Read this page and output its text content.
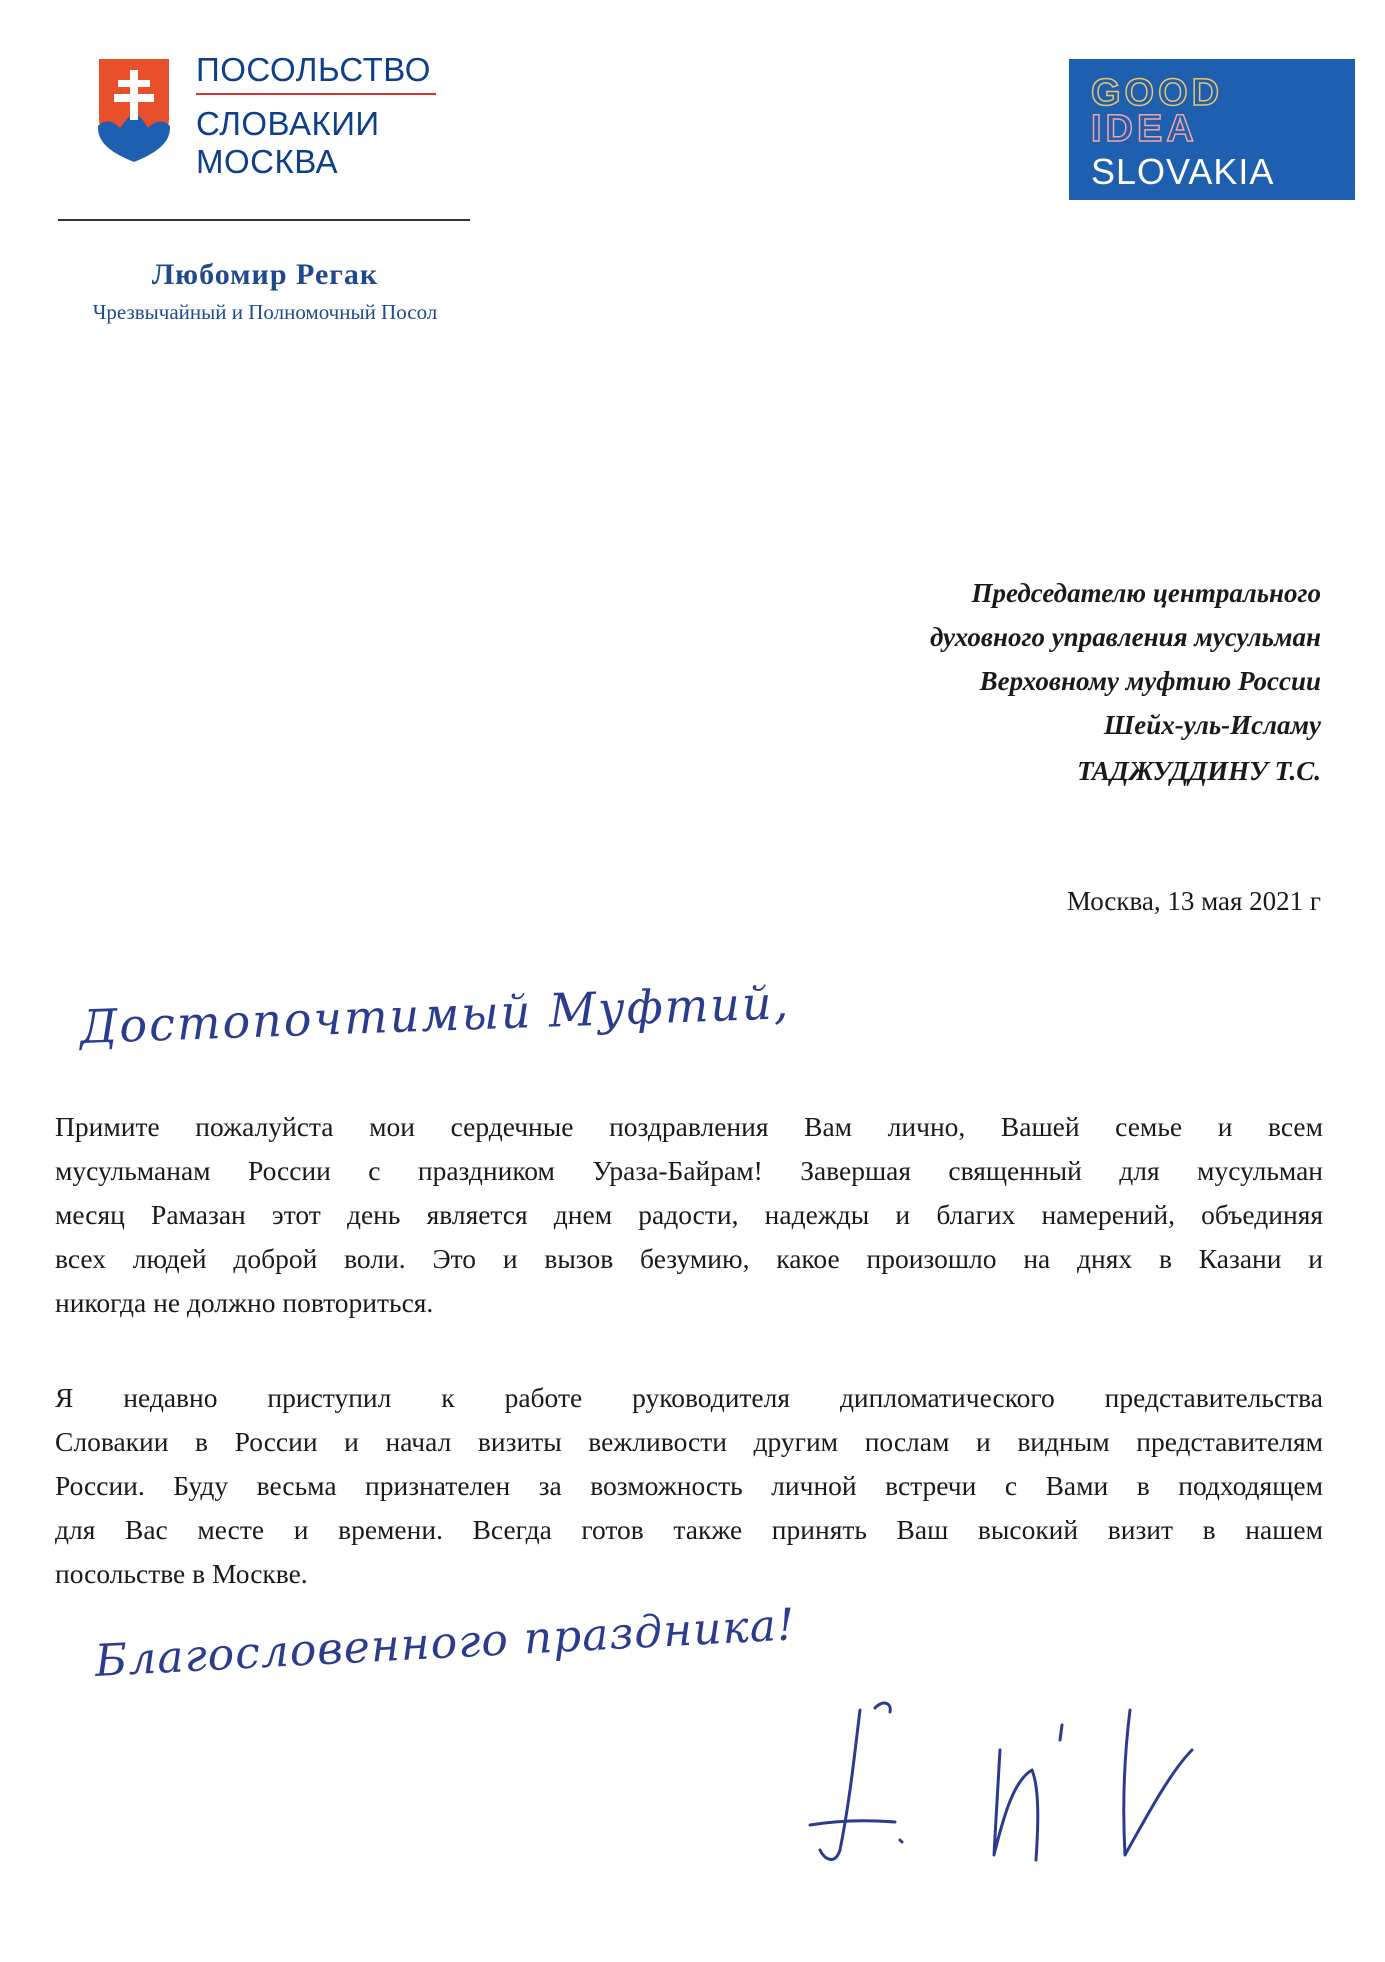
ПОСОЛЬСТВО
СЛОВАКИИ
МОСКВА
Любомир Регак
Чрезвычайный и Полномочный Посол
GOOD
IDEA
SLOVAKIA
Председателю центрального
духовного управления мусульман
Верховному муфтию России
Шейх-уль-Исламу
ТАДЖУДДИНУ Т.С.
Москва, 13 мая 2021 г
Достопочтимый Муфтий,
Примите пожалуйста мои сердечные поздравления Вам лично, Вашей семье и всем
мусульманам России с праздником Ураза-Байрам! Завершая священный для мусульман
месяц Рамазан этот день является днем радости, надежды и благих намерений, объединяя
всех людей доброй воли. Это и вызов безумию, какое произошло на днях в Казани и
никогда не должно повториться.
Я недавно приступил к работе руководителя дипломатического представительства
Словакии в России и начал визиты вежливости другим послам и видным представителям
России. Буду весьма признателен за возможность личной встречи с Вами в подходящем
для Вас месте и времени. Всегда готов также принять Ваш высокий визит в нашем
посольстве в Москве.
Благословенного праздника!
